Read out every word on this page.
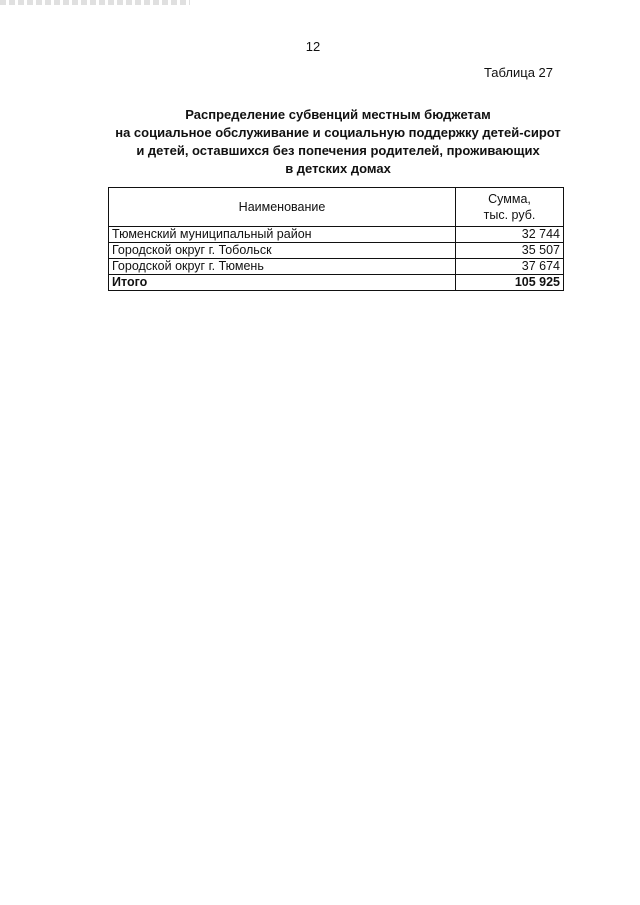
12
Таблица 27
Распределение субвенций местным бюджетам
на социальное обслуживание и социальную поддержку детей-сирот
и детей, оставшихся без попечения родителей, проживающих
в детских домах
Наименование	Сумма,
тыс. руб.
Тюменский муниципальный район	32 744
Городской округ г. Тобольск	35 507
Городской округ г. Тюмень	37 674
Итого	105 925
